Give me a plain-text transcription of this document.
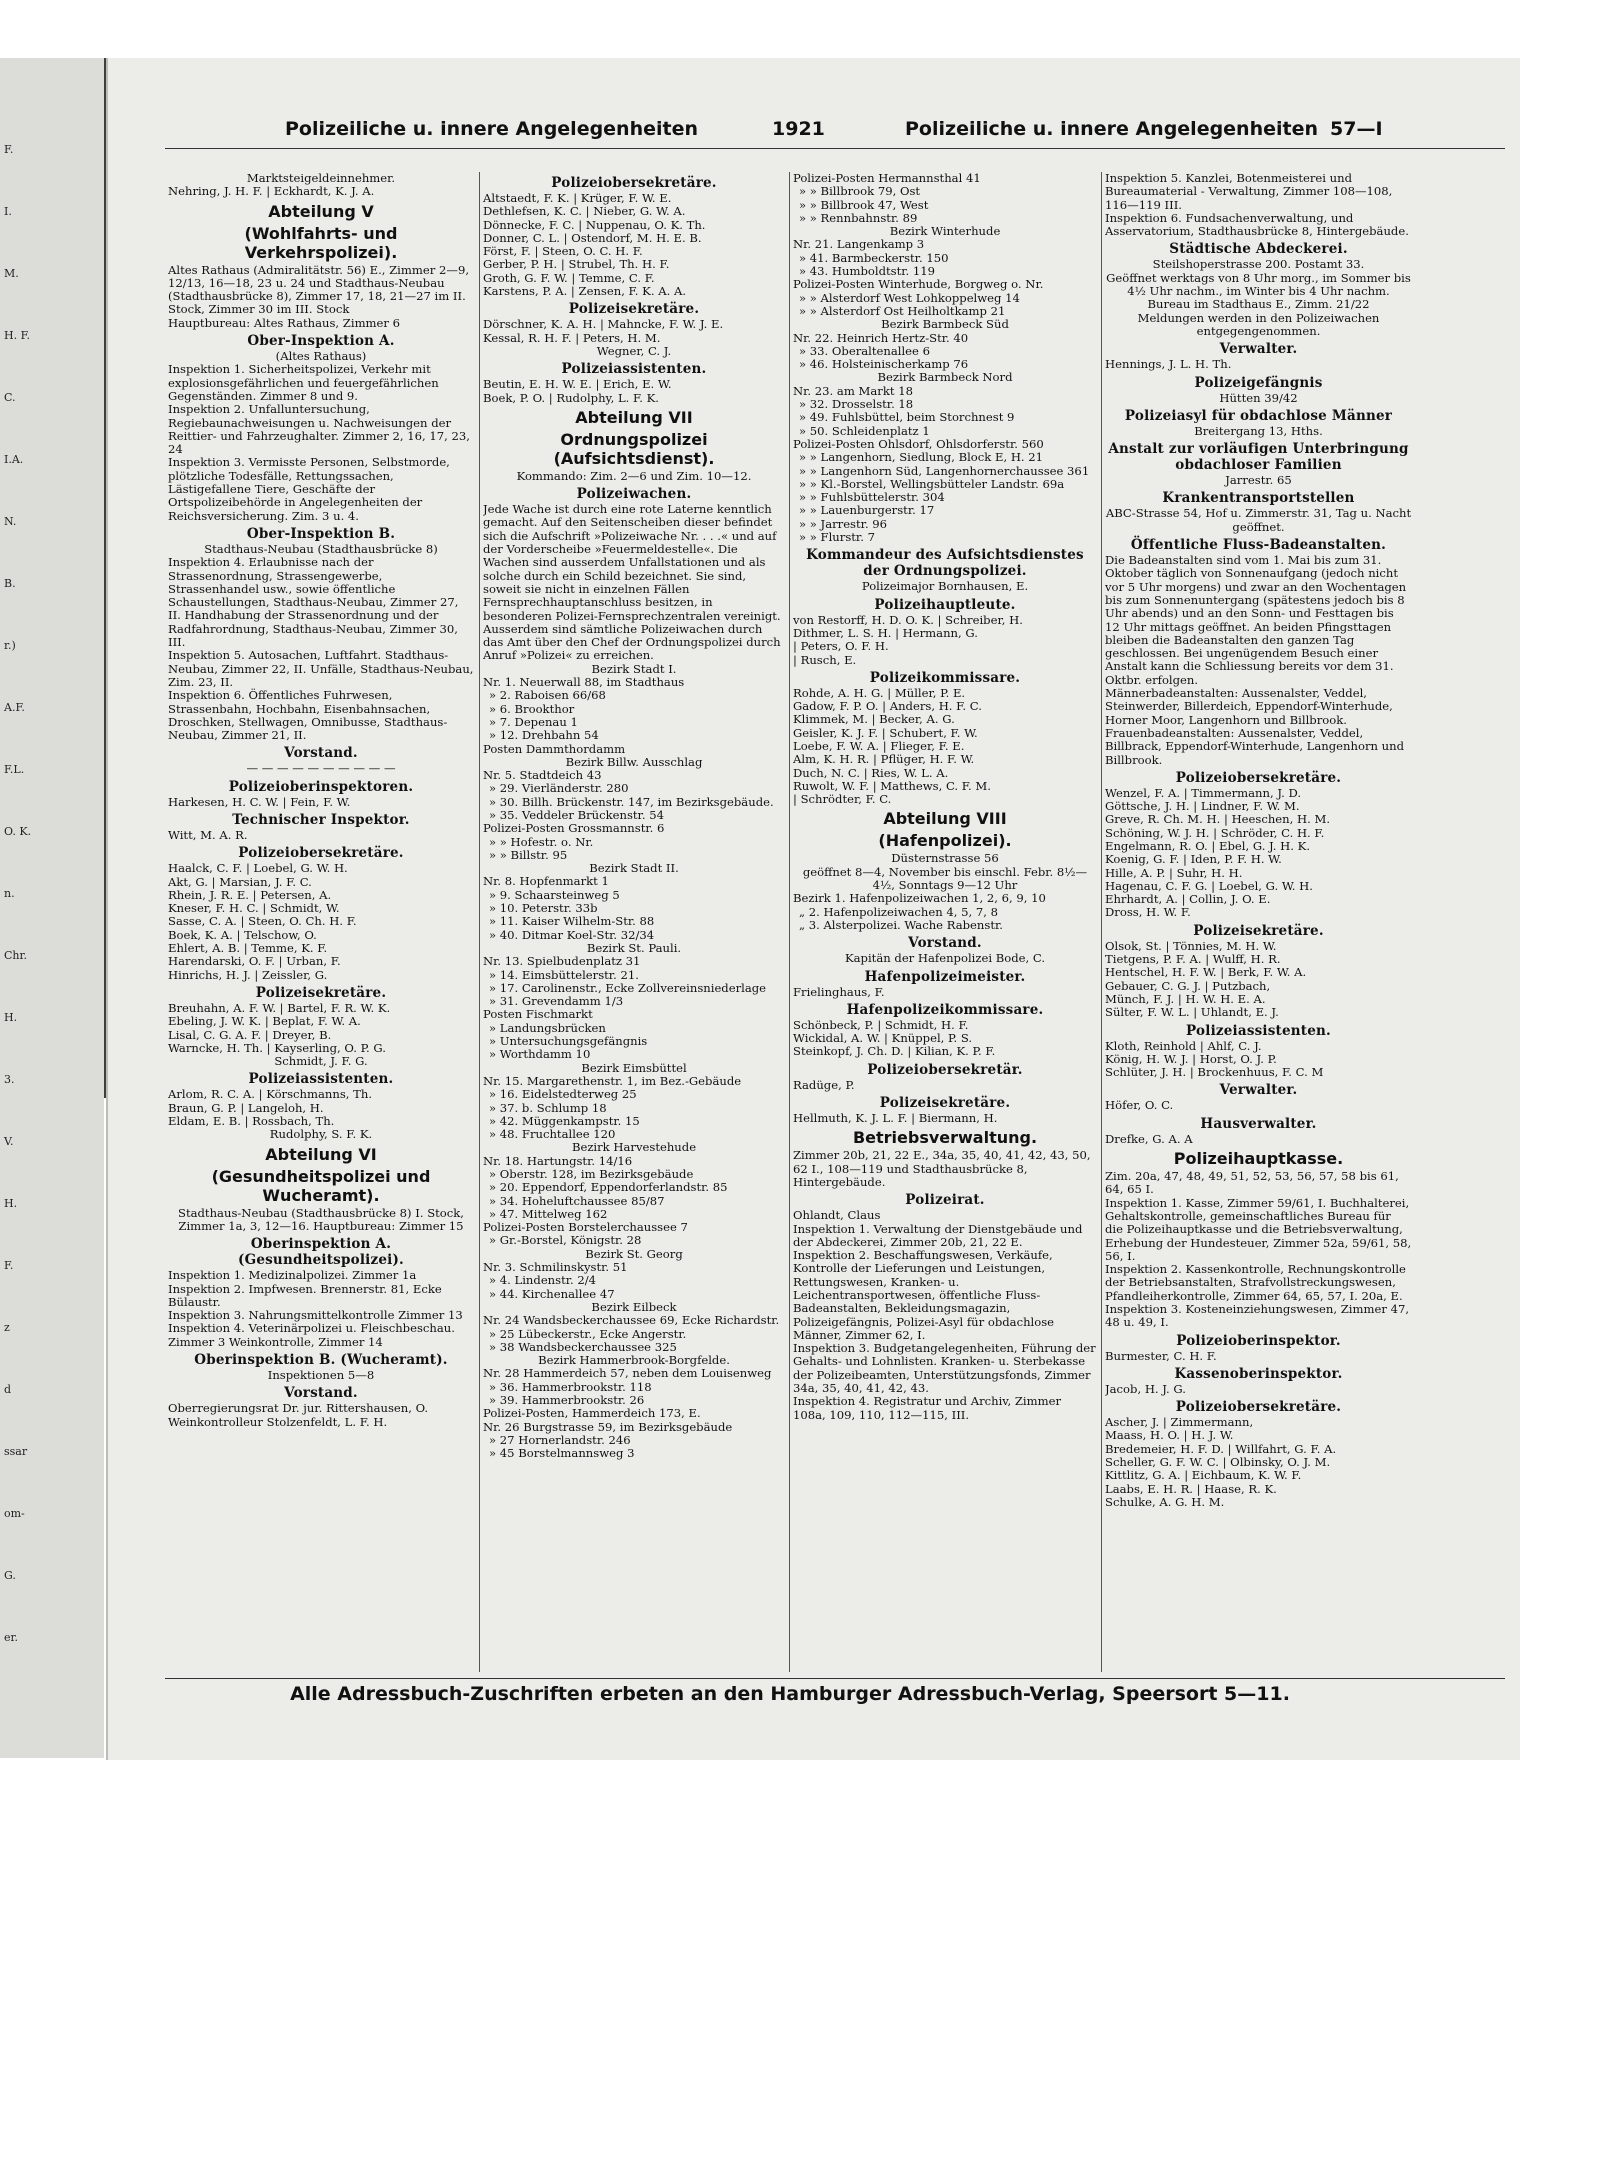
F.
I.
M.
H. F.
C.
I.A.
N.
B.
r.)
A.F.
F.L.
O. K.
n.
Chr.
H.
3.
V.
H.
F.
z
d
ssar
om-
G.
er.
Polizeiliche u. innere Angelegenheiten	1921	Polizeiliche u. innere Angelegenheiten 57—I

Marktsteigeldeinnehmer.

Nehring, J. H. F. | Eckhardt, K. J. A.

Abteilung V

(Wohlfahrts- und Verkehrspolizei).

Altes Rathaus (Admiralitätstr. 56) E., Zimmer 2—9, 12/13, 16—18, 23 u. 24 und Stadthaus-Neubau (Stadthausbrücke 8), Zimmer 17, 18, 21—27 im II. Stock, Zimmer 30 im III. Stock

Hauptbureau: Altes Rathaus, Zimmer 6

Ober-Inspektion A.

(Altes Rathaus)

Inspektion 1. Sicherheitspolizei, Verkehr mit explosionsgefährlichen und feuergefährlichen Gegenständen. Zimmer 8 und 9.

Inspektion 2. Unfalluntersuchung, Regiebaunachweisungen u. Nachweisungen der Reittier- und Fahrzeughalter. Zimmer 2, 16, 17, 23, 24

Inspektion 3. Vermisste Personen, Selbstmorde, plötzliche Todesfälle, Rettungssachen, Lästigefallene Tiere, Geschäfte der Ortspolizeibehörde in Angelegenheiten der Reichsversicherung. Zim. 3 u. 4.

Ober-Inspektion B.

Stadthaus-Neubau (Stadthausbrücke 8)

Inspektion 4. Erlaubnisse nach der Strassenordnung, Strassengewerbe, Strassenhandel usw., sowie öffentliche Schaustellungen, Stadthaus-Neubau, Zimmer 27, II. Handhabung der Strassenordnung und der Radfahrordnung, Stadthaus-Neubau, Zimmer 30, III.

Inspektion 5. Autosachen, Luftfahrt. Stadthaus-Neubau, Zimmer 22, II. Unfälle, Stadthaus-Neubau, Zim. 23, II.

Inspektion 6. Öffentliches Fuhrwesen, Strassenbahn, Hochbahn, Eisenbahnsachen, Droschken, Stellwagen, Omnibusse, Stadthaus-Neubau, Zimmer 21, II.

Vorstand.

— — — — — — — — — —

Polizeioberinspektoren.

Harkesen, H. C. W. | Fein, F. W.

Technischer Inspektor.

Witt, M. A. R.

Polizeiobersekretäre.

Haalck, C. F. | Loebel, G. W. H.

Akt, G. | Marsian, J. F. C.

Rhein, J. R. E. | Petersen, A.

Kneser, F. H. C. | Schmidt, W.

Sasse, C. A. | Steen, O. Ch. H. F.

Boek, K. A. | Telschow, O.

Ehlert, A. B. | Temme, K. F.

Harendarski, O. F. | Urban, F.

Hinrichs, H. J. | Zeissler, G.

Polizeisekretäre.

Breuhahn, A. F. W. | Bartel, F. R. W. K.

Ebeling, J. W. K. | Beplat, F. W. A.

Lisal, C. G. A. F. | Dreyer, B.

Warncke, H. Th. | Kayserling, O. P. G.

Schmidt, J. F. G.

Polizeiassistenten.

Arlom, R. C. A. | Körschmanns, Th.

Braun, G. P. | Langeloh, H.

Eldam, E. B. | Rossbach, Th.

Rudolphy, S. F. K.

Abteilung VI

(Gesundheitspolizei und Wucheramt).

Stadthaus-Neubau (Stadthausbrücke 8) I. Stock, Zimmer 1a, 3, 12—16. Hauptbureau: Zimmer 15

Oberinspektion A. (Gesundheitspolizei).

Inspektion 1. Medizinalpolizei. Zimmer 1a

Inspektion 2. Impfwesen. Brennerstr. 81, Ecke Bülaustr.

Inspektion 3. Nahrungsmittelkontrolle Zimmer 13

Inspektion 4. Veterinärpolizei u. Fleischbeschau. Zimmer 3 Weinkontrolle, Zimmer 14

Oberinspektion B. (Wucheramt).

Inspektionen 5—8

Vorstand.

Oberregierungsrat Dr. jur. Rittershausen, O.

Weinkontrolleur Stolzenfeldt, L. F. H.

Polizeiobersekretäre.

Altstaedt, F. K. | Krüger, F. W. E.

Dethlefsen, K. C. | Nieber, G. W. A.

Dönnecke, F. C. | Nuppenau, O. K. Th.

Donner, C. L. | Ostendorf, M. H. E. B.

Först, F. | Steen, O. C. H. F.

Gerber, P. H. | Strubel, Th. H. F.

Groth, G. F. W. | Temme, C. F.

Karstens, P. A. | Zensen, F. K. A. A.

Polizeisekretäre.

Dörschner, K. A. H. | Mahncke, F. W. J. E.

Kessal, R. H. F. | Peters, H. M.

Wegner, C. J.

Polizeiassistenten.

Beutin, E. H. W. E. | Erich, E. W.

Boek, P. O. | Rudolphy, L. F. K.

Abteilung VII

Ordnungspolizei (Aufsichtsdienst).

Kommando: Zim. 2—6 und Zim. 10—12.

Polizeiwachen.

Jede Wache ist durch eine rote Laterne kenntlich gemacht. Auf den Seitenscheiben dieser befindet sich die Aufschrift »Polizeiwache Nr. . . .« und auf der Vorderscheibe »Feuermeldestelle«. Die Wachen sind ausserdem Unfallstationen und als solche durch ein Schild bezeichnet. Sie sind, soweit sie nicht in einzelnen Fällen Fernsprechhauptanschluss besitzen, in besonderen Polizei-Fernsprechzentralen vereinigt. Ausserdem sind sämtliche Polizeiwachen durch das Amt über den Chef der Ordnungspolizei durch Anruf »Polizei« zu erreichen.

Bezirk Stadt I.

Nr. 1. Neuerwall 88, im Stadthaus

» 2. Raboisen 66/68

» 6. Brookthor

» 7. Depenau 1

» 12. Drehbahn 54

Posten Dammthordamm

Bezirk Billw. Ausschlag

Nr. 5. Stadtdeich 43

» 29. Vierländerstr. 280

» 30. Billh. Brückenstr. 147, im Bezirksgebäude.

» 35. Veddeler Brückenstr. 54

Polizei-Posten Grossmannstr. 6

» » Hofestr. o. Nr.

» » Billstr. 95

Bezirk Stadt II.

Nr. 8. Hopfenmarkt 1

» 9. Schaarsteinweg 5

» 10. Peterstr. 33b

» 11. Kaiser Wilhelm-Str. 88

» 40. Ditmar Koel-Str. 32/34

Bezirk St. Pauli.

Nr. 13. Spielbudenplatz 31

» 14. Eimsbüttelerstr. 21.

» 17. Carolinenstr., Ecke Zollvereinsniederlage

» 31. Grevendamm 1/3

Posten Fischmarkt

» Landungsbrücken

» Untersuchungsgefängnis

» Worthdamm 10

Bezirk Eimsbüttel

Nr. 15. Margarethenstr. 1, im Bez.-Gebäude

» 16. Eidelstedterweg 25

» 37. b. Schlump 18

» 42. Müggenkampstr. 15

» 48. Fruchtallee 120

Bezirk Harvestehude

Nr. 18. Hartungstr. 14/16

» Oberstr. 128, im Bezirksgebäude

» 20. Eppendorf, Eppendorferlandstr. 85

» 34. Hoheluftchaussee 85/87

» 47. Mittelweg 162

Polizei-Posten Borstelerchaussee 7

» Gr.-Borstel, Königstr. 28

Bezirk St. Georg

Nr. 3. Schmilinskystr. 51

» 4. Lindenstr. 2/4

» 44. Kirchenallee 47

Bezirk Eilbeck

Nr. 24 Wandsbeckerchaussee 69, Ecke Richardstr.

» 25 Lübeckerstr., Ecke Angerstr.

» 38 Wandsbeckerchaussee 325

Bezirk Hammerbrook-Borgfelde.

Nr. 28 Hammerdeich 57, neben dem Louisenweg

» 36. Hammerbrookstr. 118

» 39. Hammerbrookstr. 26

Polizei-Posten, Hammerdeich 173, E.

Nr. 26 Burgstrasse 59, im Bezirksgebäude

» 27 Hornerlandstr. 246

» 45 Borstelmannsweg 3

Polizei-Posten Hermannsthal 41

» » Billbrook 79, Ost

» » Billbrook 47, West

» » Rennbahnstr. 89

Bezirk Winterhude

Nr. 21. Langenkamp 3

» 41. Barmbeckerstr. 150

» 43. Humboldtstr. 119

Polizei-Posten Winterhude, Borgweg o. Nr.

» » Alsterdorf West Lohkoppelweg 14

» » Alsterdorf Ost Heilholtkamp 21

Bezirk Barmbeck Süd

Nr. 22. Heinrich Hertz-Str. 40

» 33. Oberaltenallee 6

» 46. Holsteinischerkamp 76

Bezirk Barmbeck Nord

Nr. 23. am Markt 18

» 32. Drosselstr. 18

» 49. Fuhlsbüttel, beim Storchnest 9

» 50. Schleidenplatz 1

Polizei-Posten Ohlsdorf, Ohlsdorferstr. 560

» » Langenhorn, Siedlung, Block E, H. 21

» » Langenhorn Süd, Langenhornerchaussee 361

» » Kl.-Borstel, Wellingsbütteler Landstr. 69a

» » Fuhlsbüttelerstr. 304

» » Lauenburgerstr. 17

» » Jarrestr. 96

» » Flurstr. 7

Kommandeur des Aufsichtsdienstes der Ordnungspolizei.

Polizeimajor Bornhausen, E.

Polizeihauptleute.

von Restorff, H. D. O. K. | Schreiber, H.

Dithmer, L. S. H. | Hermann, G.

| Peters, O. F. H.

| Rusch, E.

Polizeikommissare.

Rohde, A. H. G. | Müller, P. E.

Gadow, F. P. O. | Anders, H. F. C.

Klimmek, M. | Becker, A. G.

Geisler, K. J. F. | Schubert, F. W.

Loebe, F. W. A. | Flieger, F. E.

Alm, K. H. R. | Pflüger, H. F. W.

Duch, N. C. | Ries, W. L. A.

Ruwolt, W. F. | Matthews, C. F. M.

| Schrödter, F. C.

Abteilung VIII

(Hafenpolizei).

Düsternstrasse 56

geöffnet 8—4, November bis einschl. Febr. 8½—4½, Sonntags 9—12 Uhr

Bezirk 1. Hafenpolizeiwachen 1, 2, 6, 9, 10

„ 2. Hafenpolizeiwachen 4, 5, 7, 8

„ 3. Alsterpolizei. Wache Rabenstr.

Vorstand.

Kapitän der Hafenpolizei Bode, C.

Hafenpolizeimeister.

Frielinghaus, F.

Hafenpolizeikommissare.

Schönbeck, P. | Schmidt, H. F.

Wickidal, A. W. | Knüppel, P. S.

Steinkopf, J. Ch. D. | Kilian, K. P. F.

Polizeiobersekretär.

Radüge, P.

Polizeisekretäre.

Hellmuth, K. J. L. F. | Biermann, H.

Betriebsverwaltung.

Zimmer 20b, 21, 22 E., 34a, 35, 40, 41, 42, 43, 50, 62 I., 108—119 und Stadthausbrücke 8, Hintergebäude.

Polizeirat.

Ohlandt, Claus

Inspektion 1. Verwaltung der Dienstgebäude und der Abdeckerei, Zimmer 20b, 21, 22 E.

Inspektion 2. Beschaffungswesen, Verkäufe, Kontrolle der Lieferungen und Leistungen, Rettungswesen, Kranken- u. Leichentransportwesen, öffentliche Fluss-Badeanstalten, Bekleidungsmagazin, Polizeigefängnis, Polizei-Asyl für obdachlose Männer, Zimmer 62, I.

Inspektion 3. Budgetangelegenheiten, Führung der Gehalts- und Lohnlisten. Kranken- u. Sterbekasse der Polizeibeamten, Unterstützungsfonds, Zimmer 34a, 35, 40, 41, 42, 43.

Inspektion 4. Registratur und Archiv, Zimmer 108a, 109, 110, 112—115, III.

Inspektion 5. Kanzlei, Botenmeisterei und Bureaumaterial - Verwaltung, Zimmer 108—108, 116—119 III.

Inspektion 6. Fundsachenverwaltung, und Asservatorium, Stadthausbrücke 8, Hintergebäude.

Städtische Abdeckerei.

Steilshoperstrasse 200. Postamt 33.

Geöffnet werktags von 8 Uhr morg., im Sommer bis 4½ Uhr nachm., im Winter bis 4 Uhr nachm. Bureau im Stadthaus E., Zimm. 21/22

Meldungen werden in den Polizeiwachen entgegengenommen.

Verwalter.

Hennings, J. L. H. Th.

Polizeigefängnis

Hütten 39/42

Polizeiasyl für obdachlose Männer

Breitergang 13, Hths.

Anstalt zur vorläufigen Unterbringung obdachloser Familien

Jarrestr. 65

Krankentransportstellen

ABC-Strasse 54, Hof u. Zimmerstr. 31, Tag u. Nacht geöffnet.

Öffentliche Fluss-Badeanstalten.

Die Badeanstalten sind vom 1. Mai bis zum 31. Oktober täglich von Sonnenaufgang (jedoch nicht vor 5 Uhr morgens) und zwar an den Wochentagen bis zum Sonnenuntergang (spätestens jedoch bis 8 Uhr abends) und an den Sonn- und Festtagen bis 12 Uhr mittags geöffnet. An beiden Pfingsttagen bleiben die Badeanstalten den ganzen Tag geschlossen. Bei ungenügendem Besuch einer Anstalt kann die Schliessung bereits vor dem 31. Oktbr. erfolgen.

Männerbadeanstalten: Aussenalster, Veddel, Steinwerder, Billerdeich, Eppendorf-Winterhude, Horner Moor, Langenhorn und Billbrook.

Frauenbadeanstalten: Aussenalster, Veddel, Billbrack, Eppendorf-Winterhude, Langenhorn und Billbrook.

Polizeiobersekretäre.

Wenzel, F. A. | Timmermann, J. D.

Göttsche, J. H. | Lindner, F. W. M.

Greve, R. Ch. M. H. | Heeschen, H. M.

Schöning, W. J. H. | Schröder, C. H. F.

Engelmann, R. O. | Ebel, G. J. H. K.

Koenig, G. F. | Iden, P. F. H. W.

Hille, A. P. | Suhr, H. H.

Hagenau, C. F. G. | Loebel, G. W. H.

Ehrhardt, A. | Collin, J. O. E.

Dross, H. W. F.

Polizeisekretäre.

Olsok, St. | Tönnies, M. H. W.

Tietgens, P. F. A. | Wulff, H. R.

Hentschel, H. F. W. | Berk, F. W. A.

Gebauer, C. G. J. | Putzbach,

Münch, F. J. | H. W. H. E. A.

Sülter, F. W. L. | Uhlandt, E. J.

Polizeiassistenten.

Kloth, Reinhold | Ahlf, C. J.

König, H. W. J. | Horst, O. J. P.

Schlüter, J. H. | Brockenhuus, F. C. M

Verwalter.

Höfer, O. C.

Hausverwalter.

Drefke, G. A. A

Polizeihauptkasse.

Zim. 20a, 47, 48, 49, 51, 52, 53, 56, 57, 58 bis 61, 64, 65 I.

Inspektion 1. Kasse, Zimmer 59/61, I. Buchhalterei, Gehaltskontrolle, gemeinschaftliches Bureau für die Polizeihauptkasse und die Betriebsverwaltung, Erhebung der Hundesteuer, Zimmer 52a, 59/61, 58, 56, I.

Inspektion 2. Kassenkontrolle, Rechnungskontrolle der Betriebsanstalten, Strafvollstreckungswesen, Pfandleiherkontrolle, Zimmer 64, 65, 57, I. 20a, E.

Inspektion 3. Kosteneinziehungswesen, Zimmer 47, 48 u. 49, I.

Polizeioberinspektor.

Burmester, C. H. F.

Kassenoberinspektor.

Jacob, H. J. G.

Polizeiobersekretäre.

Ascher, J. | Zimmermann,

Maass, H. O. | H. J. W.

Bredemeier, H. F. D. | Willfahrt, G. F. A.

Scheller, G. F. W. C. | Olbinsky, O. J. M.

Kittlitz, G. A. | Eichbaum, K. W. F.

Laabs, E. H. R. | Haase, R. K.

Schulke, A. G. H. M.

Alle Adressbuch-Zuschriften erbeten an den Hamburger Adressbuch-Verlag, Speersort 5—11.
